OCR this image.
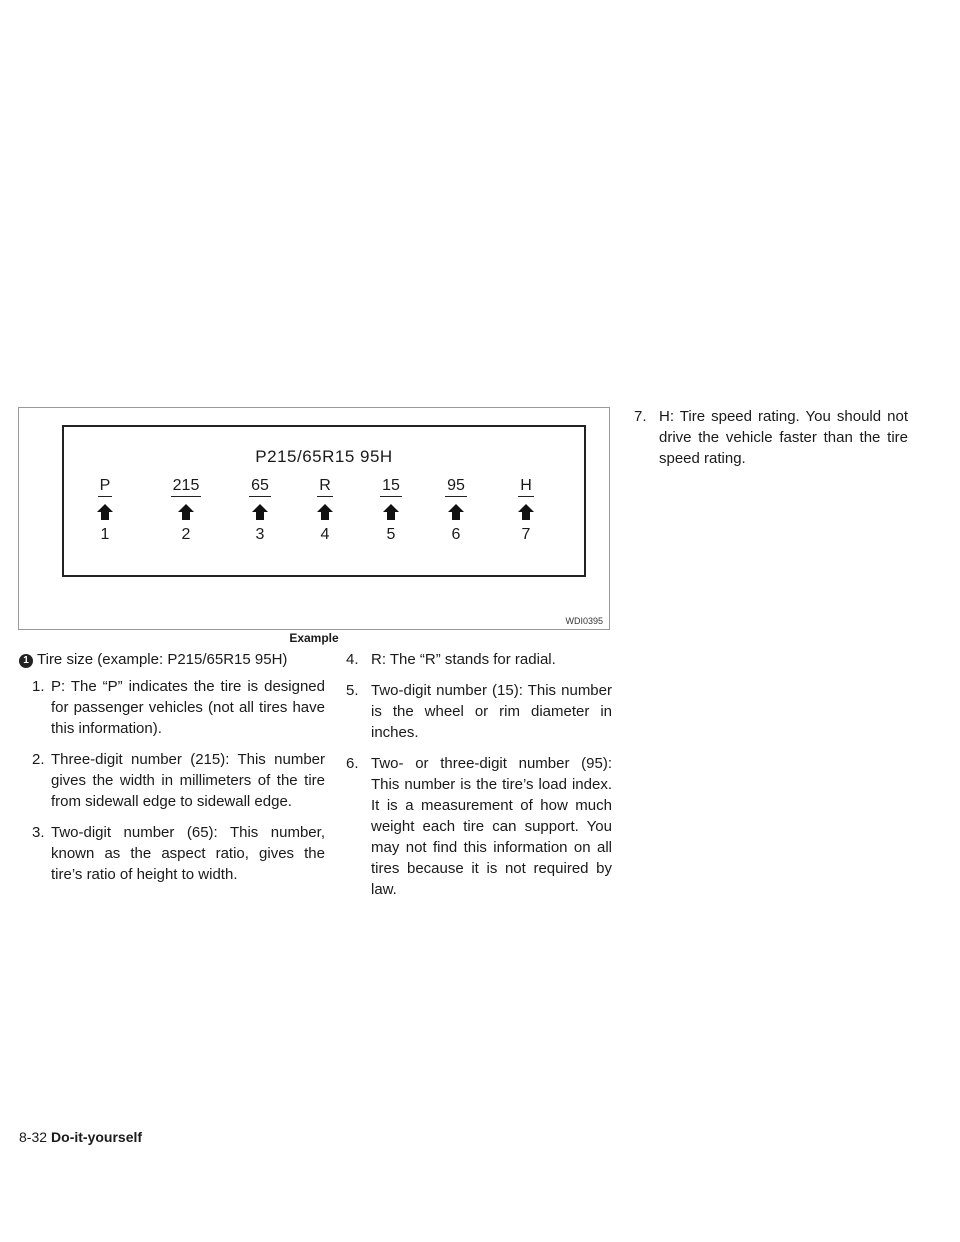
P215/65R15 95H
P
1
215
2
65
3
R
4
15
5
95
6
H
7
WDI0395
Example
1 Tire size (example: P215/65R15 95H)
1. P: The “P” indicates the tire is designed for passenger vehicles (not all tires have this information).
2. Three-digit number (215): This number gives the width in millimeters of the tire from sidewall edge to sidewall edge.
3. Two-digit number (65): This number, known as the aspect ratio, gives the tire’s ratio of height to width.
4. R: The “R” stands for radial.
5. Two-digit number (15): This number is the wheel or rim diameter in inches.
6. Two- or three-digit number (95): This number is the tire’s load index. It is a measurement of how much weight each tire can support. You may not find this information on all tires because it is not required by law.
7. H: Tire speed rating. You should not drive the vehicle faster than the tire speed rating.
8-32 Do-it-yourself
